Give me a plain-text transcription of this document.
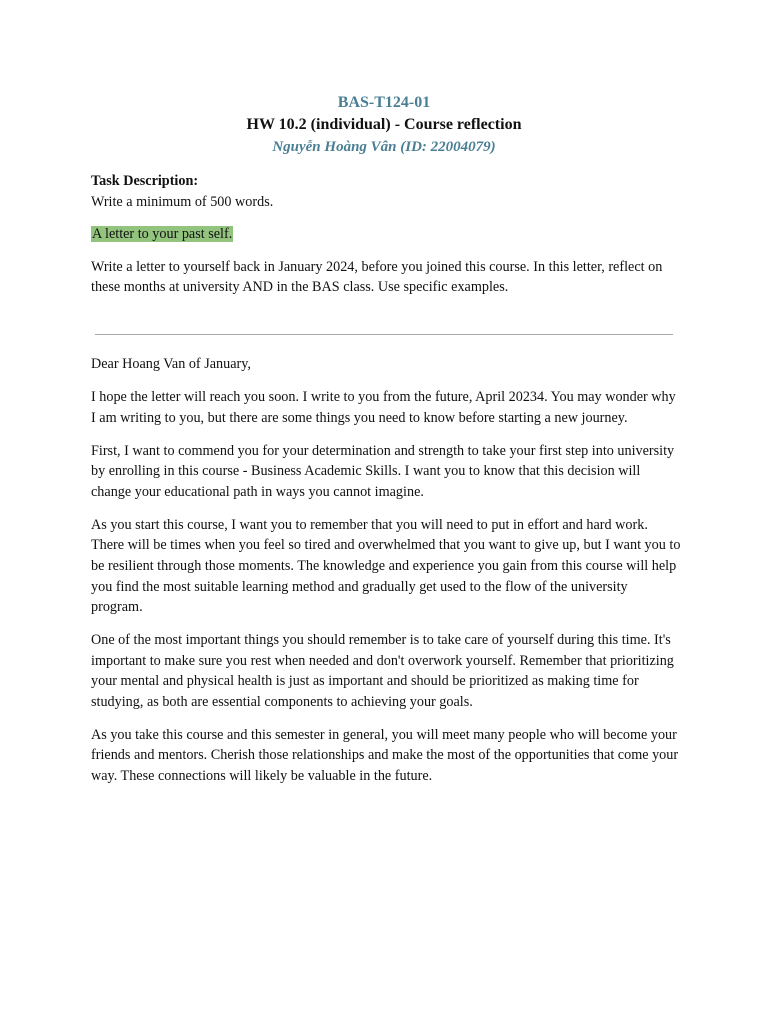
BAS-T124-01
HW 10.2 (individual) - Course reflection
Nguyễn Hoàng Vân (ID: 22004079)
Task Description:
Write a minimum of 500 words.
A letter to your past self.

Write a letter to yourself back in January 2024, before you joined this course. In this letter, reflect on these months at university AND in the BAS class. Use specific examples.

Dear Hoang Van of January,

I hope the letter will reach you soon. I write to you from the future, April 20234. You may wonder why I am writing to you, but there are some things you need to know before starting a new journey.

First, I want to commend you for your determination and strength to take your first step into university by enrolling in this course - Business Academic Skills. I want you to know that this decision will change your educational path in ways you cannot imagine.

As you start this course, I want you to remember that you will need to put in effort and hard work. There will be times when you feel so tired and overwhelmed that you want to give up, but I want you to be resilient through those moments. The knowledge and experience you gain from this course will help you find the most suitable learning method and gradually get used to the flow of the university program.

One of the most important things you should remember is to take care of yourself during this time. It's important to make sure you rest when needed and don't overwork yourself. Remember that prioritizing your mental and physical health is just as important and should be prioritized as making time for studying, as both are essential components to achieving your goals.

As you take this course and this semester in general, you will meet many people who will become your friends and mentors. Cherish those relationships and make the most of the opportunities that come your way. These connections will likely be valuable in the future.
